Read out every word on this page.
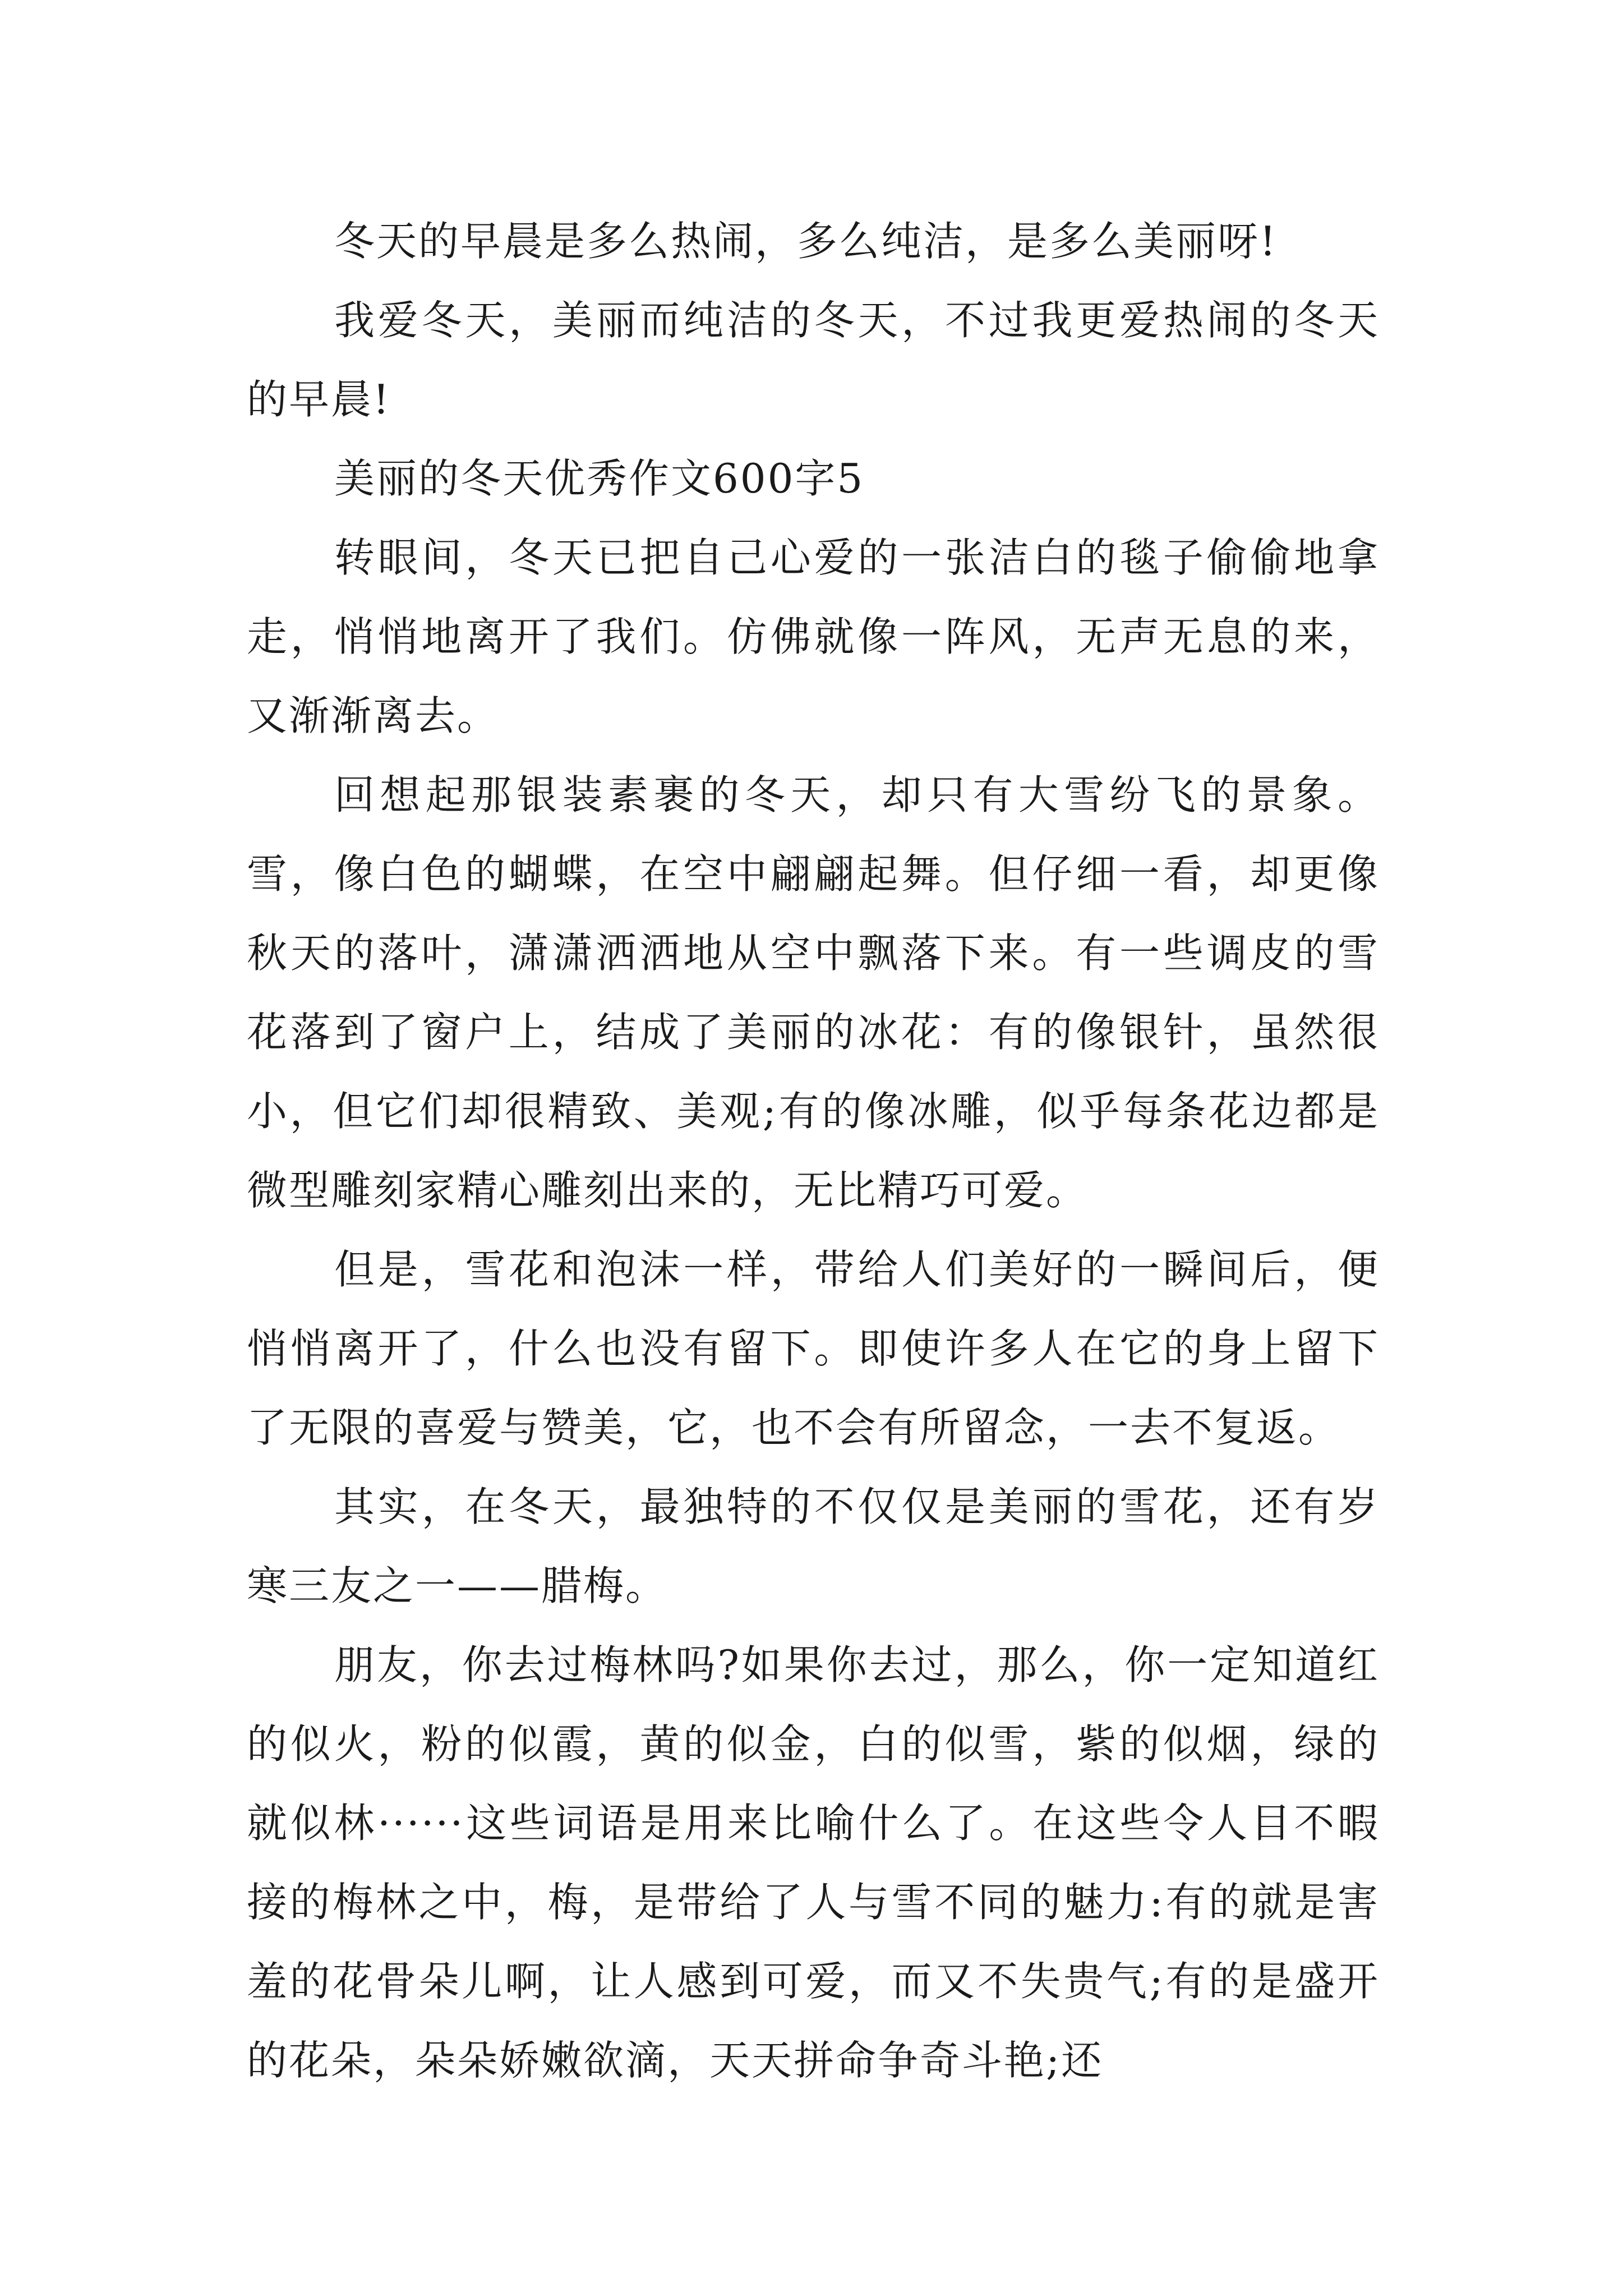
冬天的早晨是多么热闹，多么纯洁，是多么美丽呀!

我爱冬天，美丽而纯洁的冬天，不过我更爱热闹的冬天的早晨!

美丽的冬天优秀作文600字5

转眼间，冬天已把自己心爱的一张洁白的毯子偷偷地拿走，悄悄地离开了我们。仿佛就像一阵风，无声无息的来，又渐渐离去。

回想起那银装素裹的冬天，却只有大雪纷飞的景象。雪，像白色的蝴蝶，在空中翩翩起舞。但仔细一看，却更像秋天的落叶，潇潇洒洒地从空中飘落下来。有一些调皮的雪花落到了窗户上，结成了美丽的冰花：有的像银针，虽然很小，但它们却很精致、美观;有的像冰雕，似乎每条花边都是微型雕刻家精心雕刻出来的，无比精巧可爱。

但是，雪花和泡沫一样，带给人们美好的一瞬间后，便悄悄离开了，什么也没有留下。即使许多人在它的身上留下了无限的喜爱与赞美，它，也不会有所留念，一去不复返。

其实，在冬天，最独特的不仅仅是美丽的雪花，还有岁寒三友之一——腊梅。

朋友，你去过梅林吗?如果你去过，那么，你一定知道红的似火，粉的似霞，黄的似金，白的似雪，紫的似烟，绿的就似林······这些词语是用来比喻什么了。在这些令人目不暇接的梅林之中，梅，是带给了人与雪不同的魅力:有的就是害羞的花骨朵儿啊，让人感到可爱，而又不失贵气;有的是盛开的花朵，朵朵娇嫩欲滴，天天拼命争奇斗艳;还
